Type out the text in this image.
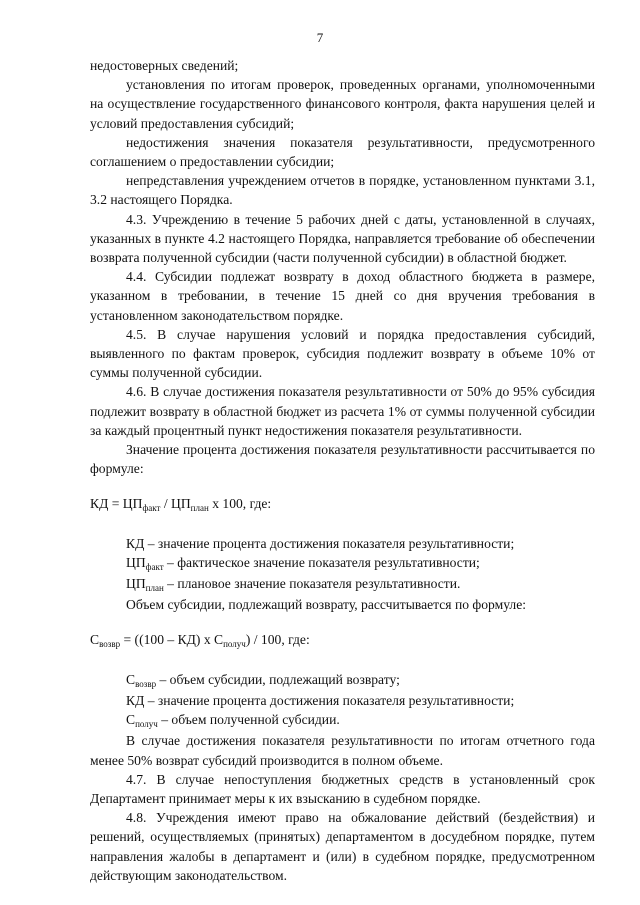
7

недостоверных сведений;

установления по итогам проверок, проведенных органами, уполномоченными на осуществление государственного финансового контроля, факта нарушения целей и условий предоставления субсидий;

недостижения значения показателя результативности, предусмотренного соглашением о предоставлении субсидии;

непредставления учреждением отчетов в порядке, установленном пунктами 3.1, 3.2 настоящего Порядка.

4.3. Учреждению в течение 5 рабочих дней с даты, установленной в случаях, указанных в пункте 4.2 настоящего Порядка, направляется требование об обеспечении возврата полученной субсидии (части полученной субсидии) в областной бюджет.

4.4. Субсидии подлежат возврату в доход областного бюджета в размере, указанном в требовании, в течение 15 дней со дня вручения требования в установленном законодательством порядке.

4.5. В случае нарушения условий и порядка предоставления субсидий, выявленного по фактам проверок, субсидия подлежит возврату в объеме 10% от суммы полученной субсидии.

4.6. В случае достижения показателя результативности от 50% до 95% субсидия подлежит возврату в областной бюджет из расчета 1% от суммы полученной субсидии за каждый процентный пункт недостижения показателя результативности.

Значение процента достижения показателя результативности рассчитывается по формуле:

КД = $ЦП_{факт} / ЦП_{план}$ х 100, где:

КД – значение процента достижения показателя результативности;

$ЦП_{факт}$ – фактическое значение показателя результативности;

$ЦП_{план}$ – плановое значение показателя результативности.

Объем субсидии, подлежащий возврату, рассчитывается по формуле:

$С_{возвр} = ((100 - КД)$ х $С_{получ}) / 100$, где:

$С_{возвр}$ – объем субсидии, подлежащий возврату;

КД – значение процента достижения показателя результативности;

$С_{получ}$ – объем полученной субсидии.

В случае достижения показателя результативности по итогам отчетного года менее 50% возврат субсидий производится в полном объеме.

4.7. В случае непоступления бюджетных средств в установленный срок Департамент принимает меры к их взысканию в судебном порядке.

4.8. Учреждения имеют право на обжалование действий (бездействия) и решений, осуществляемых (принятых) департаментом в досудебном порядке, путем направления жалобы в департамент и (или) в судебном порядке, предусмотренном действующим законодательством.
